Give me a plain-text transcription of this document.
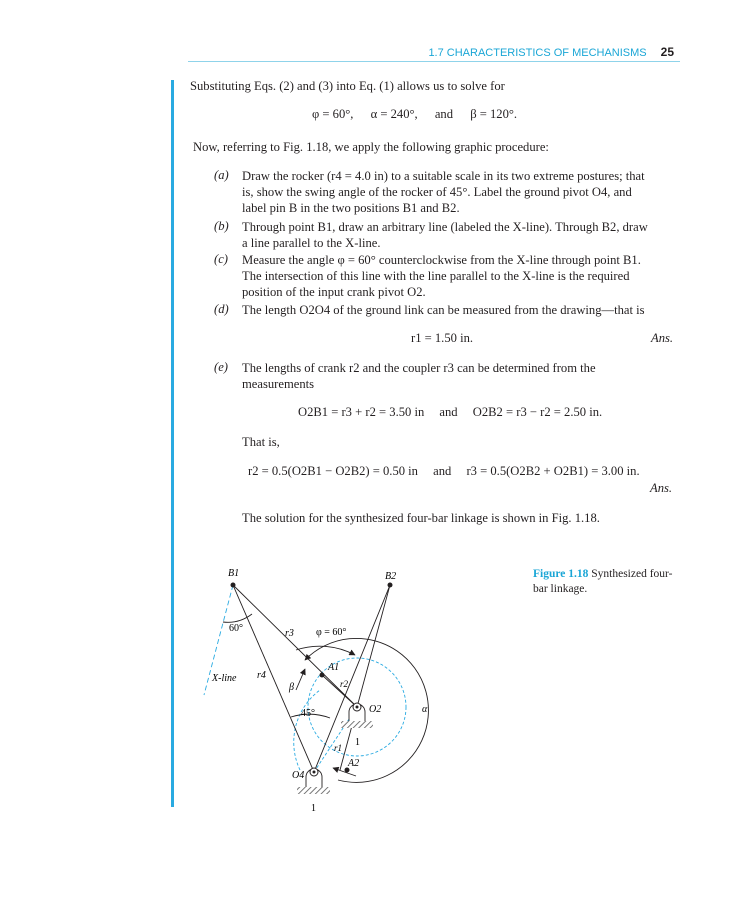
1.7 CHARACTERISTICS OF MECHANISMS 25
Substituting Eqs. (2) and (3) into Eq. (1) allows us to solve for
φ = 60°, α = 240°, and β = 120°.
Now, referring to Fig. 1.18, we apply the following graphic procedure:
(a) Draw the rocker (r4 = 4.0 in) to a suitable scale in its two extreme postures; that
is, show the swing angle of the rocker of 45°. Label the ground pivot O4, and
label pin B in the two positions B1 and B2.
(b) Through point B1, draw an arbitrary line (labeled the X-line). Through B2, draw
a line parallel to the X-line.
(c) Measure the angle φ = 60° counterclockwise from the X-line through point B1.
The intersection of this line with the line parallel to the X-line is the required
position of the input crank pivot O2.
(d) The length O2O4 of the ground link can be measured from the drawing—that is
r1 = 1.50 in.	Ans.
(e) The lengths of crank r2 and the coupler r3 can be determined from the
measurements
O2B1 = r3 + r2 = 3.50 in and O2B2 = r3 − r2 = 2.50 in.
That is,
r2 = 0.5(O2B1 − O2B2) = 0.50 in and r3 = 0.5(O2B2 + O2B1) = 3.00 in.
Ans.
The solution for the synthesized four-bar linkage is shown in Fig. 1.18.
B1	B2
60°	r3 φ = 60°
A1
X-line r4
r2
β
45°	O2	α
1
r1
A2
O4
1
Figure 1.18 Synthesized four-bar linkage.
